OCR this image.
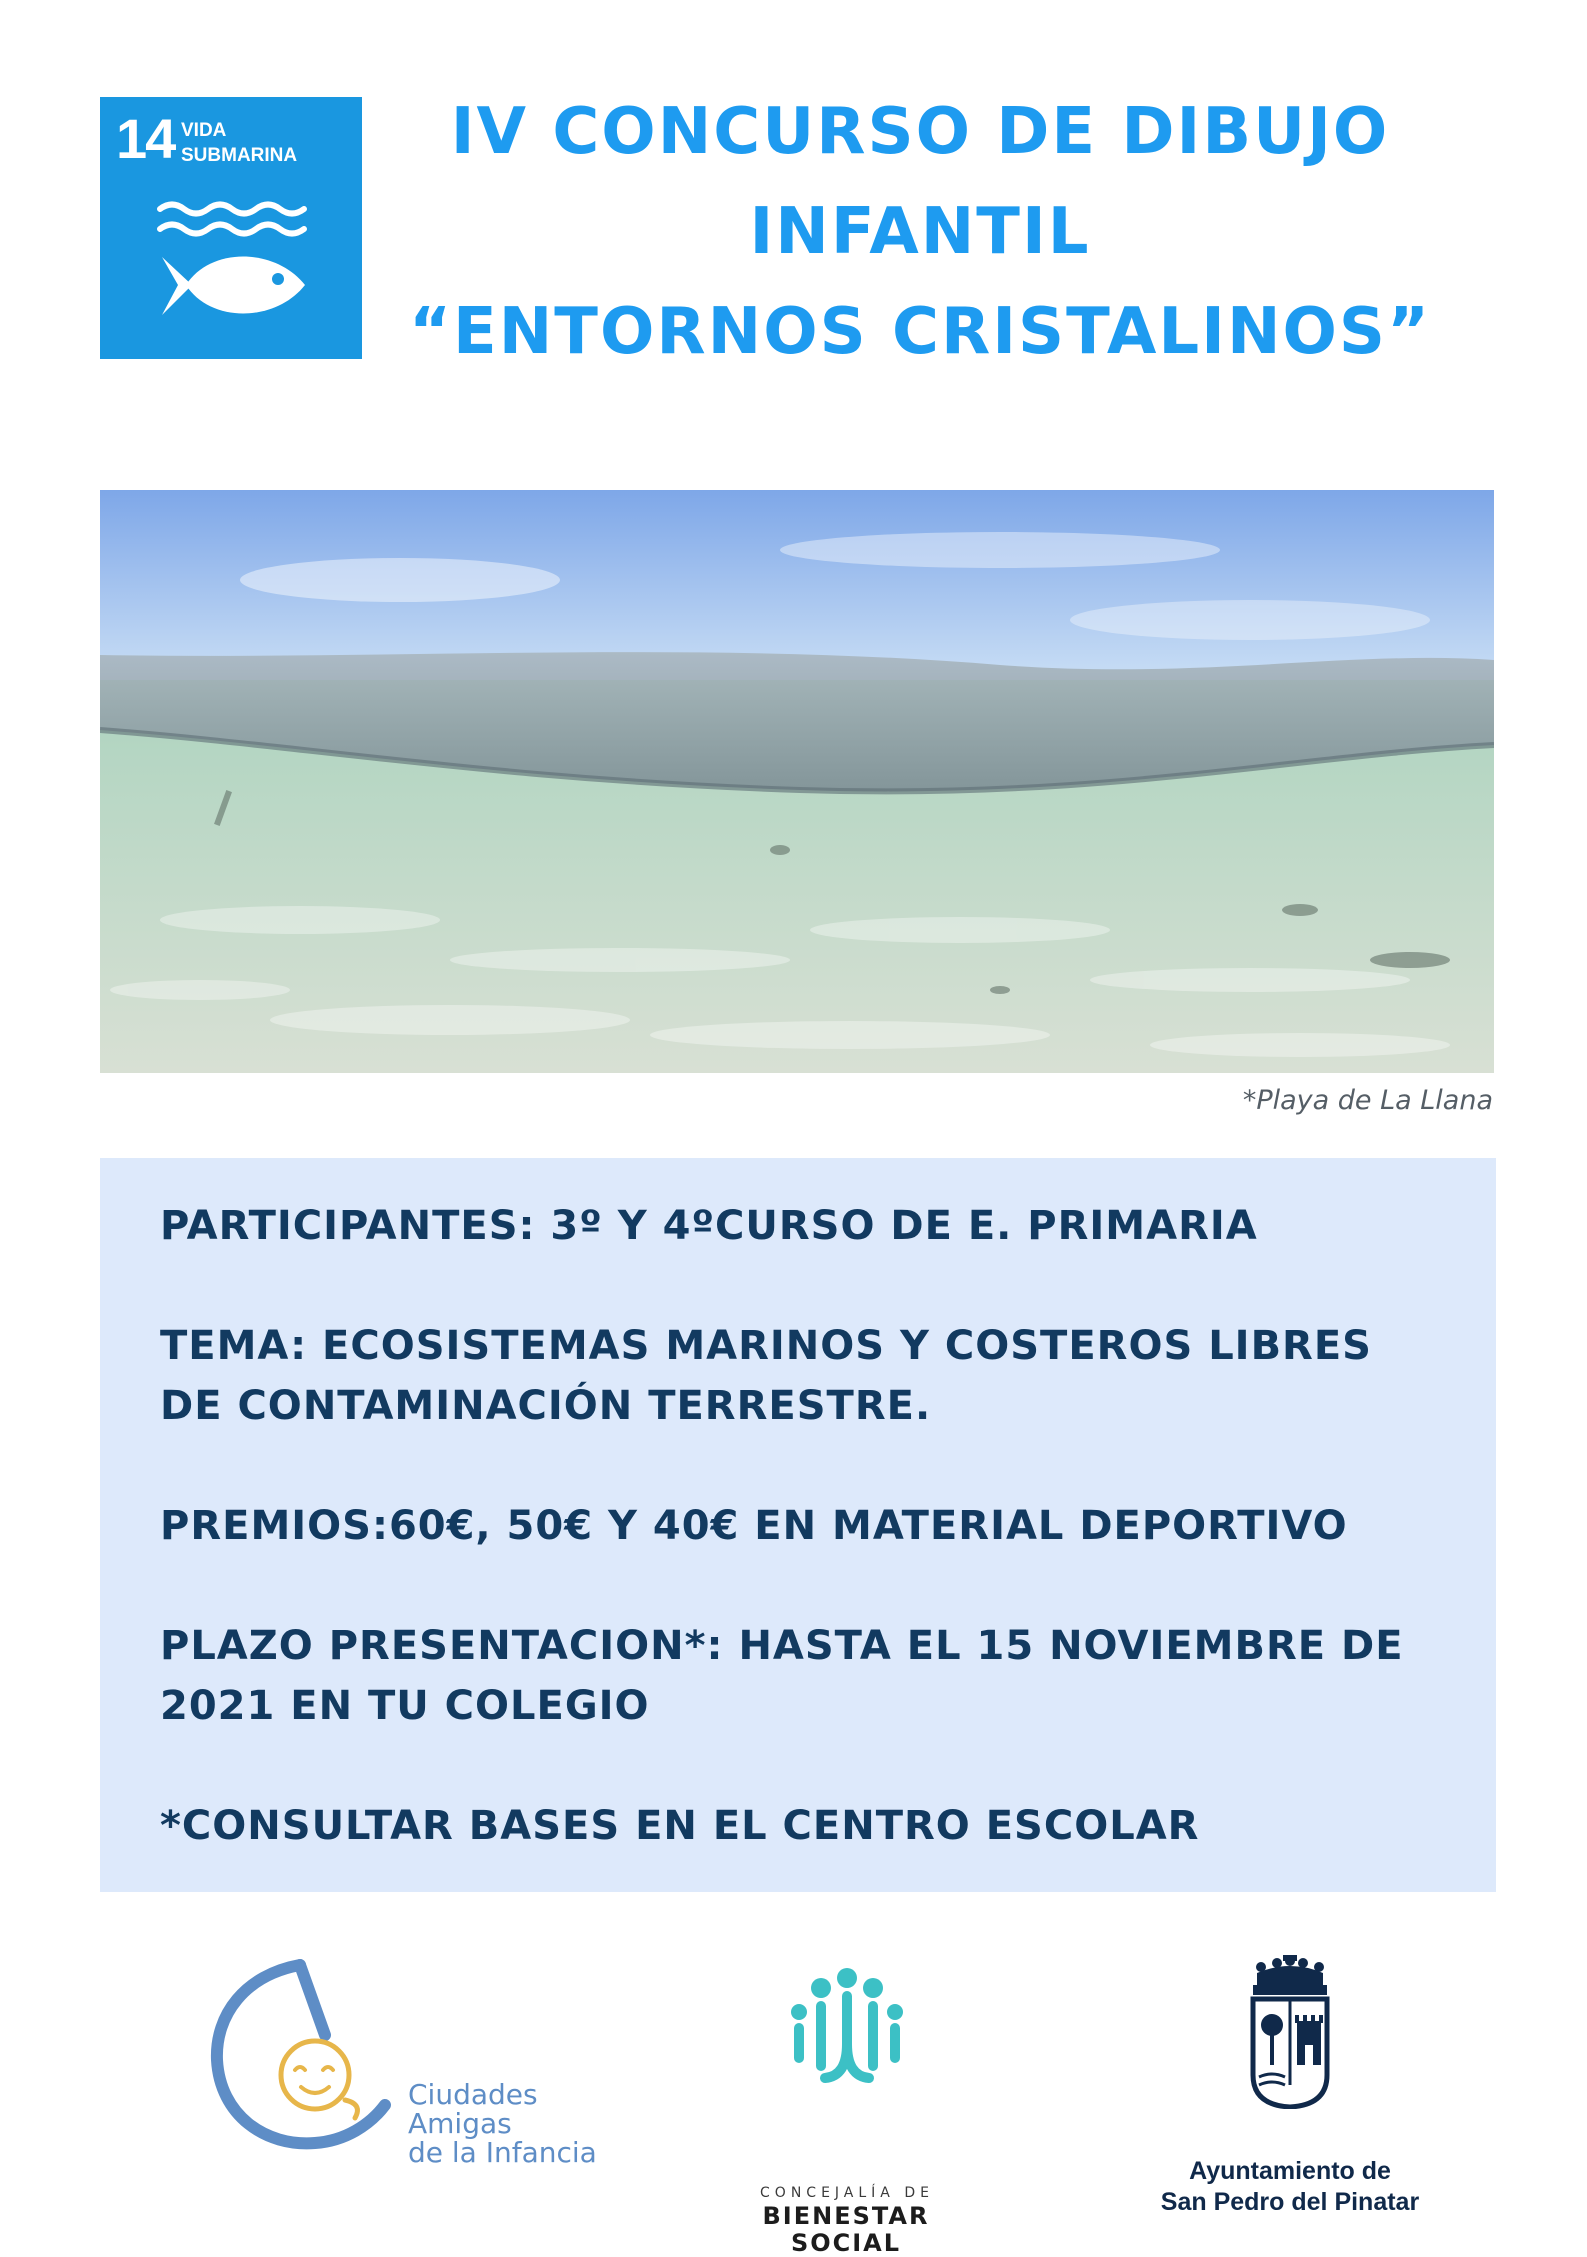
14 VIDA
SUBMARINA	IV CONCURSO DE DIBUJO
INFANTIL
“ENTORNOS CRISTALINOS”
*Playa de La Llana

PARTICIPANTES: 3º Y 4ºCURSO DE E. PRIMARIA

TEMA: ECOSISTEMAS MARINOS Y COSTEROS LIBRES

DE CONTAMINACIÓN TERRESTRE.

PREMIOS:60€, 50€ Y 40€ EN MATERIAL DEPORTIVO

PLAZO PRESENTACION*: HASTA EL 15 NOVIEMBRE DE

2021 EN TU COLEGIO

*CONSULTAR BASES EN EL CENTRO ESCOLAR

Ciudades
Amigas
de la Infancia
CONCEJALÍA DE
BIENESTAR
SOCIAL
Ayuntamiento de
San Pedro del Pinatar
